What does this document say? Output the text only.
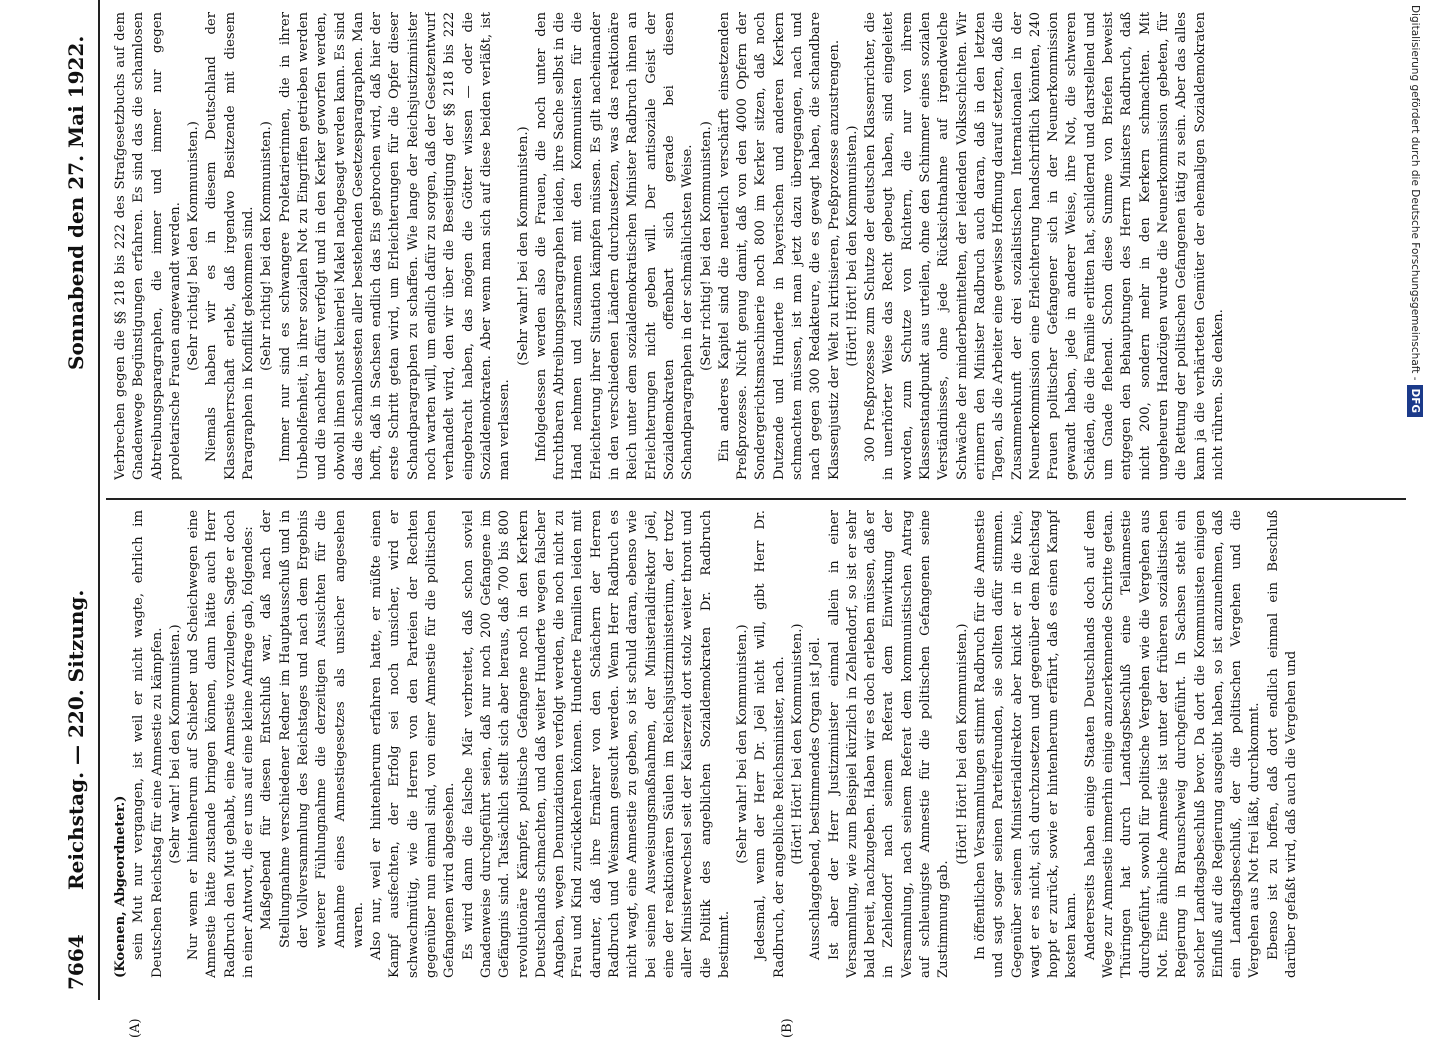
7664
Reichstag. — 220. Sitzung.
Sonnabend den 27. Mai 1922.

(Koenen, Abgeordneter.) sein Mut nur vergangen, ist weil er nicht wagte, ehrlich im Deutschen Reichstag für eine Amnestie zu kämpfen. (Sehr wahr! bei den Kommunisten.) Nur wenn er hintenherum auf Schieber und Scheichwegen eine Amnestie hätte zustande bringen können, dann hätte auch Herr Radbruch den Mut gehabt, eine Amnestie vorzulegen. Sagte er doch in einer Antwort, die er uns auf eine kleine Anfrage gab, folgendes: Maßgebend für diesen Entschluß war, daß nach der Stellungnahme verschiedener Redner im Hauptausschuß und in der Vollversammlung des Reichstages und nach dem Ergebnis weiterer Fühlungnahme die derzeitigen Aussichten für die Annahme eines Amnestiegesetzes als unsicher angesehen waren. Also nur, weil er hintenherum erfahren hatte, er müßte einen Kampf ausfechten, der Erfolg sei noch unsicher, wird er schwachmütig, wie die Herren von den Parteien der Rechten gegenüber nun einmal sind, von einer Amnestie für die politischen Gefangenen wird abgesehen. Es wird dann die falsche Mär verbreitet, daß schon soviel Gnadenweise durchgeführt seien, daß nur noch 200 Gefangene im Gefängnis sind. Tatsächlich stellt sich aber heraus, daß 700 bis 800 revolutionäre Kämpfer, politische Gefangene noch in den Kerkern Deutschlands schmachten, und daß weiter Hunderte wegen falscher Angaben, wegen Denunziationen verfolgt werden, die noch nicht zu Frau und Kind zurückkehren können. Hunderte Familien leiden mit darunter, daß ihre Ernährer von den Schächern der Herren Radbruch und Weismann gesucht werden. Wenn Herr Radbruch es nicht wagt, eine Amnestie zu geben, so ist schuld daran, ebenso wie bei seinen Ausweisungsmaßnahmen, der Ministerialdirektor Joël, eine der reaktionären Säulen im Reichsjustizministerium, der trotz aller Ministerwechsel seit der Kaiserzeit dort stolz weiter thront und die Politik des angeblichen Sozialdemokraten Dr. Radbruch bestimmt.

(Sehr wahr! bei den Kommunisten.) Jedesmal, wenn der Herr Dr. Joël nicht will, gibt Herr Dr. Radbruch, der angebliche Reichsminister, nach. (Hört! Hört! bei den Kommunisten.) Ausschlaggebend, bestimmendes Organ ist Joël. Ist aber der Herr Justizminister einmal allein in einer Versammlung, wie zum Beispiel kürzlich in Zehlendorf, so ist er sehr bald bereit, nachzugeben. Haben wir es doch erleben müssen, daß er in Zehlendorf nach seinem Referat dem Einwirkung der Versammlung, nach seinem Referat dem kommunistischen Antrag auf schleunigste Amnestie für die politischen Gefangenen seine Zustimmung gab.

(Hört! Hört! bei den Kommunisten.) In öffentlichen Versammlungen stimmt Radbruch für die Amnestie und sagt sogar seinen Parteifreunden, sie sollten dafür stimmen. Gegenüber seinem Ministerialdirektor aber knickt er in die Knie, wagt er es nicht, sich durchzusetzen und gegenüber dem Reichstag hoppt er zurück, sowie er hintenherum erfährt, daß es einen Kampf kosten kann. Andererseits haben einige Staaten Deutschlands doch auf dem Wege zur Amnestie immerhin einige anzuerkennende Schritte getan. Thüringen hat durch Landtagsbeschluß eine Teilamnestie durchgeführt, sowohl für politische Vergehen wie die Vergehen aus Not. Eine ähnliche Amnestie ist unter der früheren sozialistischen Regierung in Braunschweig durchgeführt. In Sachsen steht ein solcher Landtagsbeschluß bevor. Da dort die Kommunisten einigen Einfluß auf die Regierung ausgeübt haben, so ist anzunehmen, daß ein Landtagsbeschluß, der die politischen Vergehen und die Vergehen aus Not frei läßt, durchkommt. Ebenso ist zu hoffen, daß dort endlich einmal ein Beschluß darüber gefaßt wird, daß auch die Vergehen und

Verbrechen gegen die §§ 218 bis 222 des Strafgesetzbuchs auf dem Gnadenwege Begünstigungen erfahren. Es sind das die schamlosen Abtreibungsparagraphen, die immer und immer nur gegen proletarische Frauen angewandt werden. (Sehr richtig! bei den Kommunisten.) Niemals haben wir es in diesem Deutschland der Klassenherrschaft erlebt, daß irgendwo Besitzende mit diesem Paragraphen in Konflikt gekommen sind. (Sehr richtig! bei den Kommunisten.) Immer nur sind es schwangere Proletarierinnen, die in ihrer Unbeholfenheit, in ihrer sozialen Not zu Eingriffen getrieben werden und die nachher dafür verfolgt und in den Kerker geworfen werden, obwohl ihnen sonst keinerlei Makel nachgesagt werden kann. Es sind das die schamlosesten aller bestehenden Gesetzesparagraphen. Man hofft, daß in Sachsen endlich das Eis gebrochen wird, daß hier der erste Schritt getan wird, um Erleichterungen für die Opfer dieser Schandparagraphen zu schaffen. Wie lange der Reichsjustizminister noch warten will, um endlich dafür zu sorgen, daß der Gesetzentwurf verhandelt wird, den wir über die Beseitigung der §§ 218 bis 222 eingebracht haben, das mögen die Götter wissen — oder die Sozialdemokraten. Aber wenn man sich auf diese beiden verläßt, ist man verlassen.

(Sehr wahr! bei den Kommunisten.) Infolgedessen werden also die Frauen, die noch unter den furchtbaren Abtreibungsparagraphen leiden, ihre Sache selbst in die Hand nehmen und zusammen mit den Kommunisten für die Erleichterung ihrer Situation kämpfen müssen. Es gilt nacheinander in den verschiedenen Ländern durchzusetzen, was das reaktionäre Reich unter dem sozialdemokratischen Minister Radbruch ihnen an Erleichterungen nicht geben will. Der antisoziale Geist der Sozialdemokraten offenbart sich gerade bei diesen Schandparagraphen in der schmählichsten Weise. (Sehr richtig! bei den Kommunisten.) Ein anderes Kapitel sind die neuerlich verschärft einsetzenden Preßprozesse. Nicht genug damit, daß von den 4000 Opfern der Sondergerichtsmaschinerie noch 800 im Kerker sitzen, daß noch Dutzende und Hunderte in bayerischen und anderen Kerkern schmachten müssen, ist man jetzt dazu übergegangen, nach und nach gegen 300 Redakteure, die es gewagt haben, die schandbare Klassenjustiz der Welt zu kritisieren, Preßprozesse anzustrengen. (Hört! Hört! bei den Kommunisten.) 300 Preßprozesse zum Schutze der deutschen Klassenrichter, die in unerhörter Weise das Recht gebeugt haben, sind eingeleitet worden, zum Schutze von Richtern, die nur von ihrem Klassenstandpunkt aus urteilen, ohne den Schimmer eines sozialen Verständnisses, ohne jede Rücksichtnahme auf irgendwelche Schwäche der minderbemittelten, der leidenden Volksschichten. Wir erinnern den Minister Radbruch auch daran, daß in den letzten Tagen, als die Arbeiter eine gewisse Hoffnung darauf setzten, daß die Zusammenkunft der drei sozialistischen Internationalen in der Neunerkommission eine Erleichterung handschriftlich könnten, 240 Frauen politischer Gefangener sich in der Neunerkommission gewandt haben, jede in anderer Weise, ihre Not, die schweren Schäden, die die Familie erlitten hat, schildernd und darstellend und um Gnade flehend. Schon diese Summe von Briefen beweist entgegen den Behauptungen des Herrn Ministers Radbruch, daß nicht 200, sondern mehr in den Kerkern schmachten. Mit ungeheuren Handzügen wurde die Neunerkommission gebeten, für die Rettung der politischen Gefangenen tätig zu sein. Aber das alles kann ja die verhärteten Gemüter der ehemaligen Sozialdemokraten nicht rühren. Sie denken.

(A)	(B)
Digitalisierung gefördert durch die Deutsche Forschungsgemeinschaft -DFG
